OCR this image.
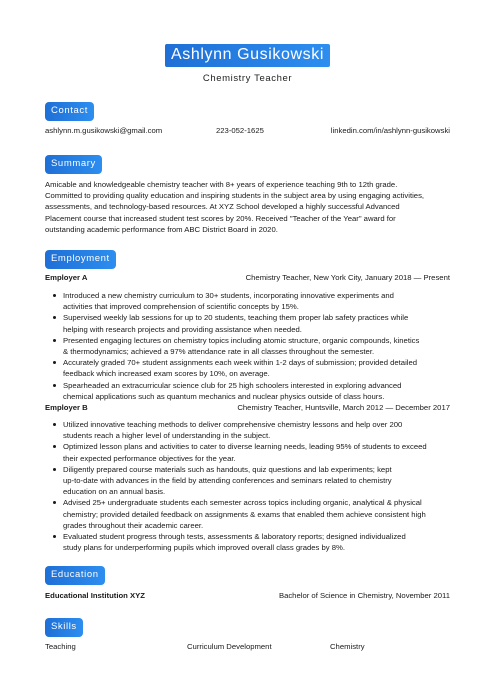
Ashlynn Gusikowski
Chemistry Teacher
Contact
ashlynn.m.gusikowski@gmail.com	223-052-1625	linkedin.com/in/ashlynn-gusikowski
Summary
Amicable and knowledgeable chemistry teacher with 8+ years of experience teaching 9th to 12th grade.
Committed to providing quality education and inspiring students in the subject area by using engaging activities,
assessments, and technology-based resources. At XYZ School developed a highly successful Advanced
Placement course that increased student test scores by 20%. Received "Teacher of the Year" award for
outstanding academic performance from ABC District Board in 2020.
Employment
Employer A	Chemistry Teacher, New York City, January 2018 — Present
Introduced a new chemistry curriculum to 30+ students, incorporating innovative experiments and
activities that improved comprehension of scientific concepts by 15%.
Supervised weekly lab sessions for up to 20 students, teaching them proper lab safety practices while
helping with research projects and providing assistance when needed.
Presented engaging lectures on chemistry topics including atomic structure, organic compounds, kinetics
& thermodynamics; achieved a 97% attendance rate in all classes throughout the semester.
Accurately graded 70+ student assignments each week within 1-2 days of submission; provided detailed
feedback which increased exam scores by 10%, on average.
Spearheaded an extracurricular science club for 25 high schoolers interested in exploring advanced
chemical applications such as quantum mechanics and nuclear physics outside of class hours.
Employer B	Chemistry Teacher, Huntsville, March 2012 — December 2017
Utilized innovative teaching methods to deliver comprehensive chemistry lessons and help over 200
students reach a higher level of understanding in the subject.
Optimized lesson plans and activities to cater to diverse learning needs, leading 95% of students to exceed
their expected performance objectives for the year.
Diligently prepared course materials such as handouts, quiz questions and lab experiments; kept
up-to-date with advances in the field by attending conferences and seminars related to chemistry
education on an annual basis.
Advised 25+ undergraduate students each semester across topics including organic, analytical & physical
chemistry; provided detailed feedback on assignments & exams that enabled them achieve consistent high
grades throughout their academic career.
Evaluated student progress through tests, assessments & laboratory reports; designed individualized
study plans for underperforming pupils which improved overall class grades by 8%.
Education
Educational Institution XYZ	Bachelor of Science in Chemistry, November 2011
Skills
Teaching	Curriculum Development	Chemistry
